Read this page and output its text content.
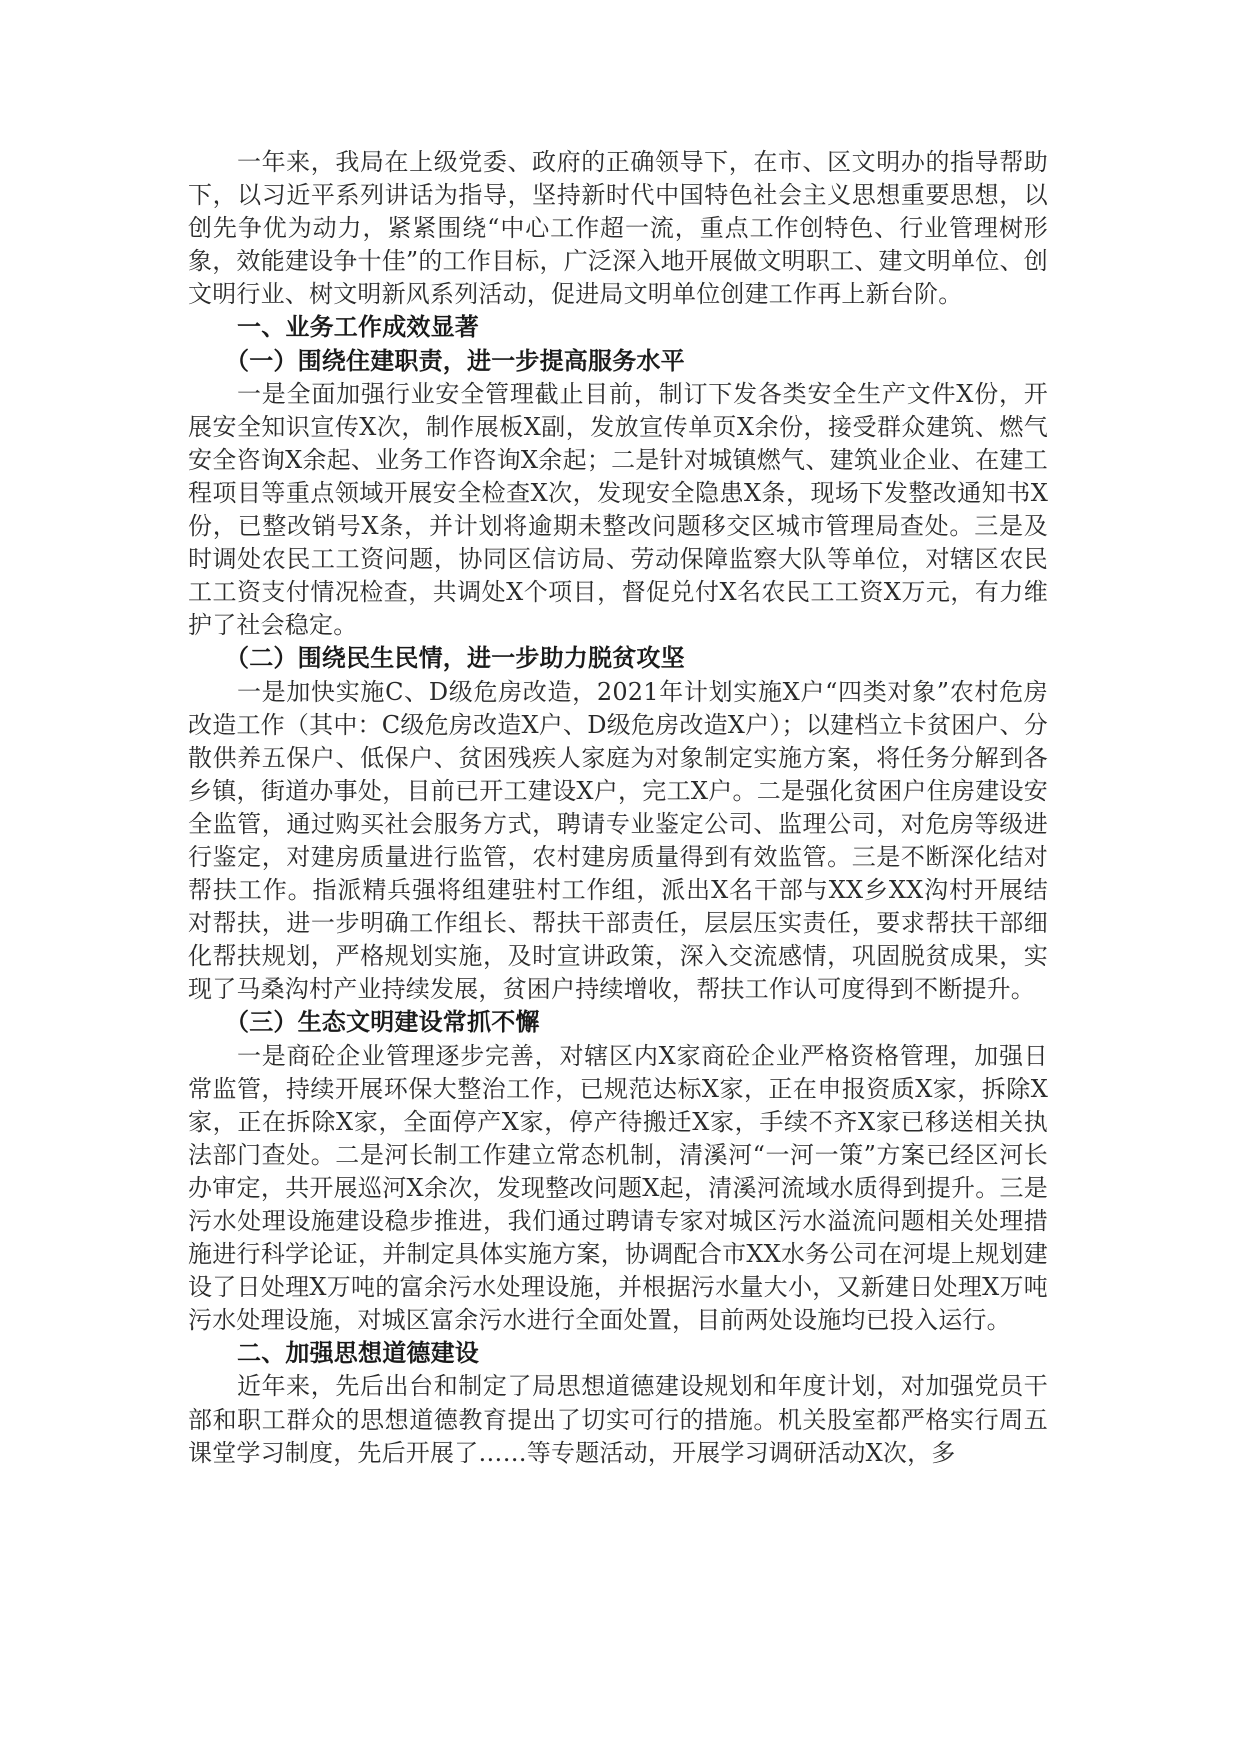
一年来，我局在上级党委、政府的正确领导下，在市、区文明办的指导帮助下，以习近平系列讲话为指导，坚持新时代中国特色社会主义思想重要思想，以创先争优为动力，紧紧围绕“中心工作超一流，重点工作创特色、行业管理树形象，效能建设争十佳”的工作目标，广泛深入地开展做文明职工、建文明单位、创文明行业、树文明新风系列活动，促进局文明单位创建工作再上新台阶。

一、业务工作成效显著

（一）围绕住建职责，进一步提高服务水平

一是全面加强行业安全管理截止目前，制订下发各类安全生产文件X份，开展安全知识宣传X次，制作展板X副，发放宣传单页X余份，接受群众建筑、燃气安全咨询X余起、业务工作咨询X余起；二是针对城镇燃气、建筑业企业、在建工程项目等重点领域开展安全检查X次，发现安全隐患X条，现场下发整改通知书X份，已整改销号X条，并计划将逾期未整改问题移交区城市管理局查处。三是及时调处农民工工资问题，协同区信访局、劳动保障监察大队等单位，对辖区农民工工资支付情况检查，共调处X个项目，督促兑付X名农民工工资X万元，有力维护了社会稳定。

（二）围绕民生民情，进一步助力脱贫攻坚

一是加快实施C、D级危房改造，2021年计划实施X户“四类对象”农村危房改造工作（其中：C级危房改造X户、D级危房改造X户）；以建档立卡贫困户、分散供养五保户、低保户、贫困残疾人家庭为对象制定实施方案，将任务分解到各乡镇，街道办事处，目前已开工建设X户，完工X户。二是强化贫困户住房建设安全监管，通过购买社会服务方式，聘请专业鉴定公司、监理公司，对危房等级进行鉴定，对建房质量进行监管，农村建房质量得到有效监管。三是不断深化结对帮扶工作。指派精兵强将组建驻村工作组，派出X名干部与XX乡XX沟村开展结对帮扶，进一步明确工作组长、帮扶干部责任，层层压实责任，要求帮扶干部细化帮扶规划，严格规划实施，及时宣讲政策，深入交流感情，巩固脱贫成果，实现了马桑沟村产业持续发展，贫困户持续增收，帮扶工作认可度得到不断提升。

（三）生态文明建设常抓不懈

一是商砼企业管理逐步完善，对辖区内X家商砼企业严格资格管理，加强日常监管，持续开展环保大整治工作，已规范达标X家，正在申报资质X家，拆除X家，正在拆除X家，全面停产X家，停产待搬迁X家，手续不齐X家已移送相关执法部门查处。二是河长制工作建立常态机制，清溪河“一河一策”方案已经区河长办审定，共开展巡河X余次，发现整改问题X起，清溪河流域水质得到提升。三是污水处理设施建设稳步推进，我们通过聘请专家对城区污水溢流问题相关处理措施进行科学论证，并制定具体实施方案，协调配合市XX水务公司在河堤上规划建设了日处理X万吨的富余污水处理设施，并根据污水量大小，又新建日处理X万吨污水处理设施，对城区富余污水进行全面处置，目前两处设施均已投入运行。

二、加强思想道德建设

近年来，先后出台和制定了局思想道德建设规划和年度计划，对加强党员干部和职工群众的思想道德教育提出了切实可行的措施。机关股室都严格实行周五课堂学习制度，先后开展了……等专题活动，开展学习调研活动X次，多
